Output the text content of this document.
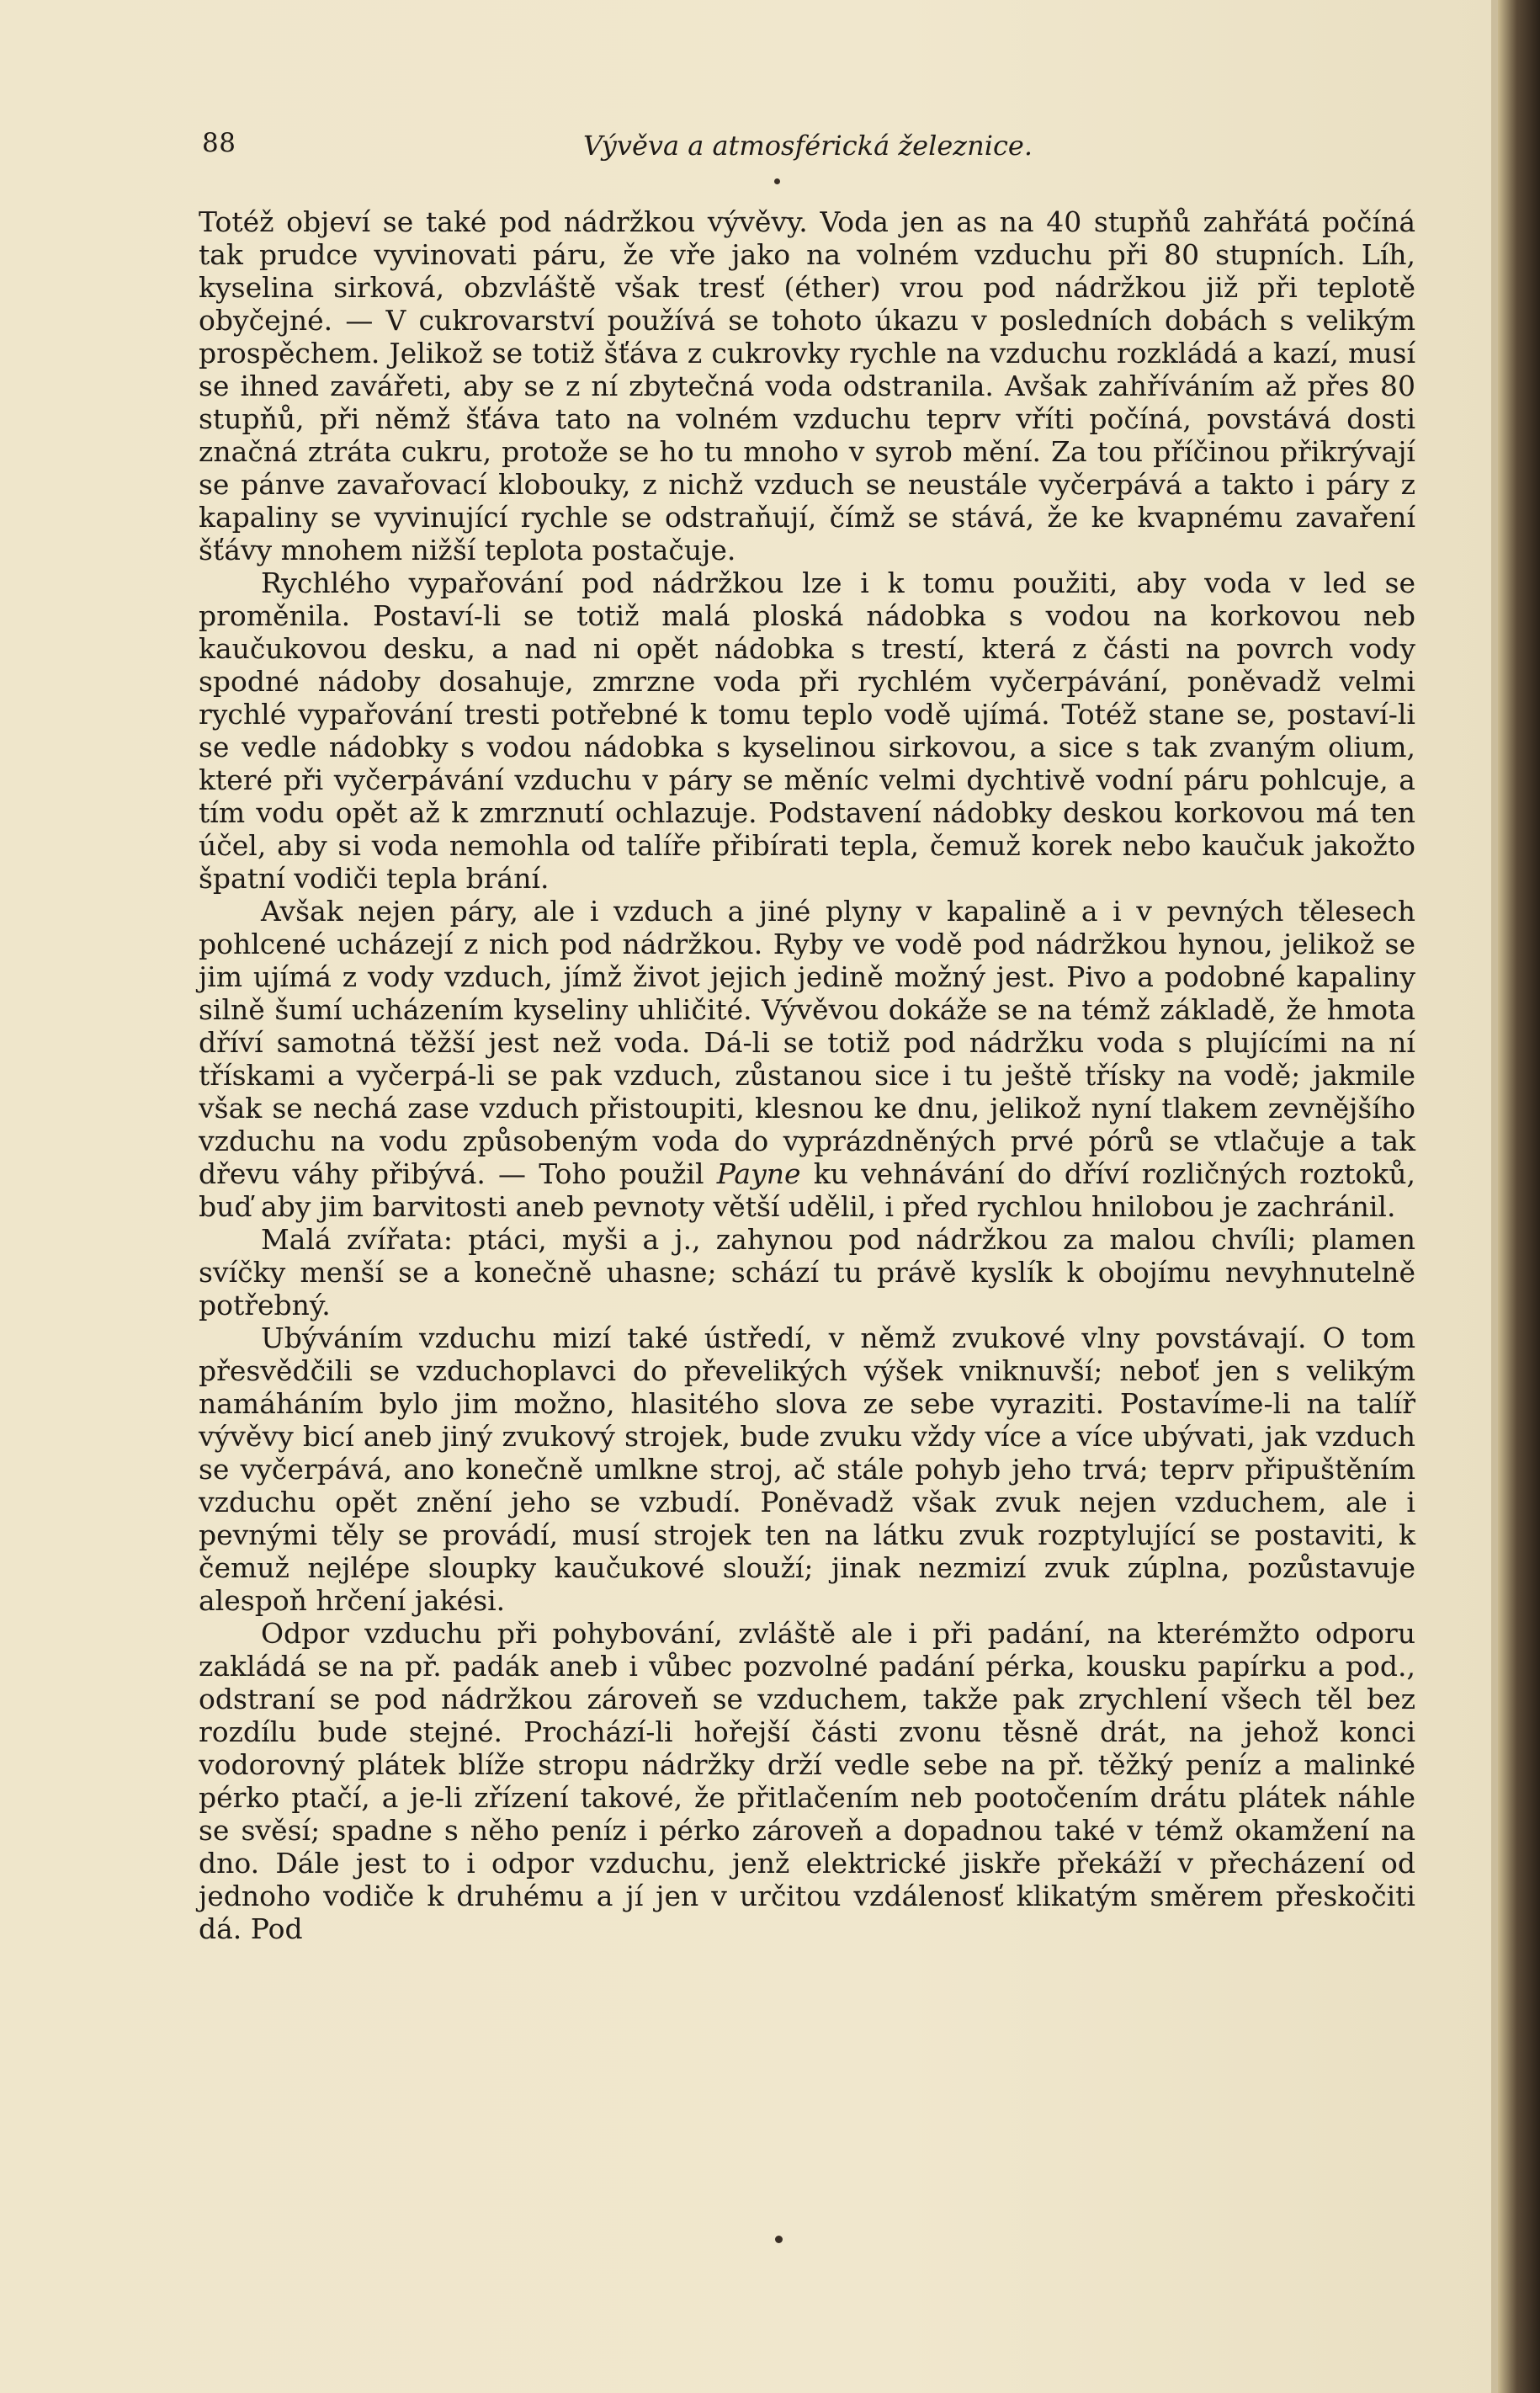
88	Vývěva a atmosférická železnice.

Totéž objeví se také pod nádržkou vývěvy. Voda jen as na 40 stupňů zahřátá počíná tak prudce vyvinovati páru, že vře jako na volném vzduchu při 80 stupních. Líh, kyselina sirková, obzvláště však tresť (éther) vrou pod nádržkou již při teplotě obyčejné. — V cukrovarství používá se tohoto úkazu v posledních dobách s velikým prospěchem. Jelikož se totiž šťáva z cukrovky rychle na vzduchu rozkládá a kazí, musí se ihned zavářeti, aby se z ní zbytečná voda odstranila. Avšak zahříváním až přes 80 stupňů, při němž šťáva tato na volném vzduchu teprv vříti počíná, povstává dosti značná ztráta cukru, protože se ho tu mnoho v syrob mění. Za tou příčinou přikrývají se pánve zavařovací klobouky, z nichž vzduch se neustále vyčerpává a takto i páry z kapaliny se vyvinující rychle se odstraňují, čímž se stává, že ke kvapnému zavaření šťávy mnohem nižší teplota postačuje.

Rychlého vypařování pod nádržkou lze i k tomu použiti, aby voda v led se proměnila. Postaví-li se totiž malá ploská nádobka s vodou na korkovou neb kaučukovou desku, a nad ni opět nádobka s trestí, která z části na povrch vody spodné nádoby dosahuje, zmrzne voda při rychlém vyčerpávání, poněvadž velmi rychlé vypařování tresti potřebné k tomu teplo vodě ujímá. Totéž stane se, postaví-li se vedle nádobky s vodou nádobka s kyselinou sirkovou, a sice s tak zvaným olium, které při vyčerpávání vzduchu v páry se měníc velmi dychtivě vodní páru pohlcuje, a tím vodu opět až k zmrznutí ochlazuje. Podstavení nádobky deskou korkovou má ten účel, aby si voda nemohla od talíře přibírati tepla, čemuž korek nebo kaučuk jakožto špatní vodiči tepla brání.

Avšak nejen páry, ale i vzduch a jiné plyny v kapalině a i v pevných tělesech pohlcené ucházejí z nich pod nádržkou. Ryby ve vodě pod nádržkou hynou, jelikož se jim ujímá z vody vzduch, jímž život jejich jedině možný jest. Pivo a podobné kapaliny silně šumí ucházením kyseliny uhličité. Vývěvou dokáže se na témž základě, že hmota dříví samotná těžší jest než voda. Dá-li se totiž pod nádržku voda s plujícími na ní třískami a vyčerpá-li se pak vzduch, zůstanou sice i tu ještě třísky na vodě; jakmile však se nechá zase vzduch přistoupiti, klesnou ke dnu, jelikož nyní tlakem zevnějšího vzduchu na vodu způsobeným voda do vyprázdněných prvé pórů se vtlačuje a tak dřevu váhy přibývá. — Toho použil Payne ku vehnávání do dříví rozličných roztoků, buď aby jim barvitosti aneb pevnoty větší udělil, i před rychlou hnilobou je zachránil.

Malá zvířata: ptáci, myši a j., zahynou pod nádržkou za malou chvíli; plamen svíčky menší se a konečně uhasne; schází tu právě kyslík k obojímu nevyhnutelně potřebný.

Ubýváním vzduchu mizí také ústředí, v němž zvukové vlny povstávají. O tom přesvědčili se vzduchoplavci do převelikých výšek vniknuvší; neboť jen s velikým namáháním bylo jim možno, hlasitého slova ze sebe vyraziti. Postavíme-li na talíř vývěvy bicí aneb jiný zvukový strojek, bude zvuku vždy více a více ubývati, jak vzduch se vyčerpává, ano konečně umlkne stroj, ač stále pohyb jeho trvá; teprv připuštěním vzduchu opět znění jeho se vzbudí. Poněvadž však zvuk nejen vzduchem, ale i pevnými těly se provádí, musí strojek ten na látku zvuk rozptylující se postaviti, k čemuž nejlépe sloupky kaučukové slouží; jinak nezmizí zvuk zúplna, pozůstavuje alespoň hrčení jakési.

Odpor vzduchu při pohybování, zvláště ale i při padání, na kterémžto odporu zakládá se na př. padák aneb i vůbec pozvolné padání pérka, kousku papírku a pod., odstraní se pod nádržkou zároveň se vzduchem, takže pak zrychlení všech těl bez rozdílu bude stejné. Prochází-li hořejší části zvonu těsně drát, na jehož konci vodorovný plátek blíže stropu nádržky drží vedle sebe na př. těžký peníz a malinké pérko ptačí, a je-li zřízení takové, že přitlačením neb pootočením drátu plátek náhle se svěsí; spadne s něho peníz i pérko zároveň a dopadnou také v témž okamžení na dno. Dále jest to i odpor vzduchu, jenž elektrické jiskře překáží v přecházení od jednoho vodiče k druhému a jí jen v určitou vzdálenosť klikatým směrem přeskočiti dá. Pod
